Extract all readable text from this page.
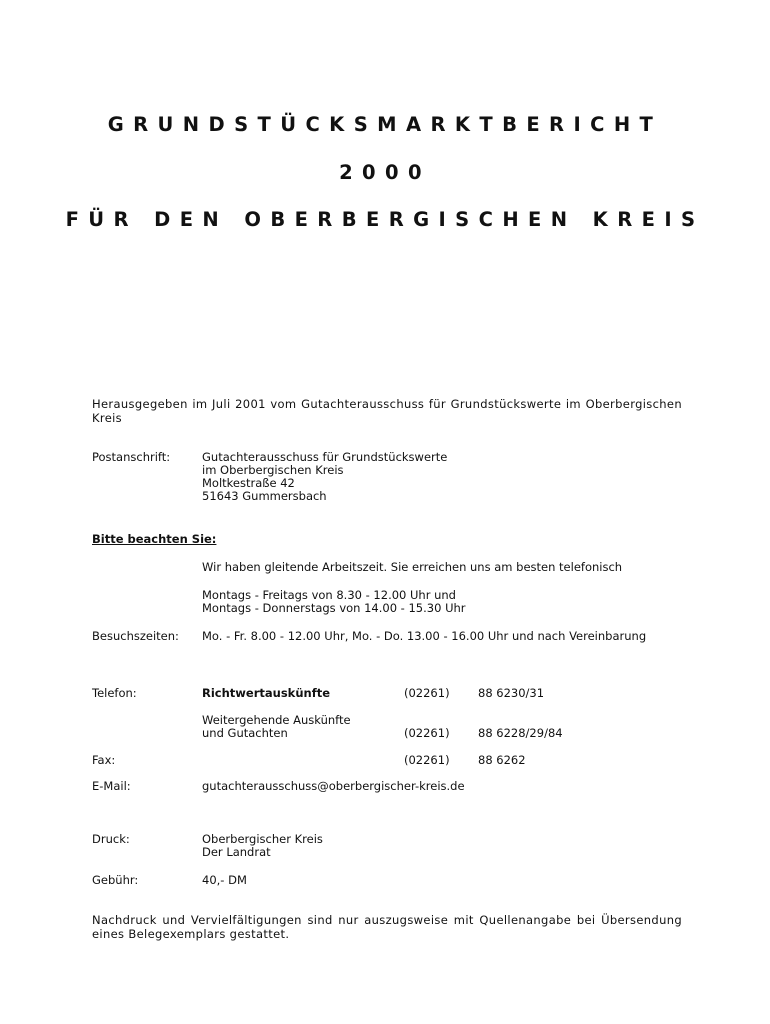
GRUNDSTÜCKSMARKTBERICHT
2000
FÜR DEN OBERBERGISCHEN KREIS
Herausgegeben im Juli 2001 vom Gutachterausschuss für Grundstückswerte im Oberbergischen Kreis
Postanschrift:	Gutachterausschuss für Grundstückswerte
im Oberbergischen Kreis
Moltkestraße 42
51643 Gummersbach
Bitte beachten Sie:
Wir haben gleitende Arbeitszeit. Sie erreichen uns am besten telefonisch
Montags - Freitags von 8.30 - 12.00 Uhr und
Montags - Donnerstags von 14.00 - 15.30 Uhr
Besuchszeiten: Mo. - Fr. 8.00 - 12.00 Uhr, Mo. - Do. 13.00 - 16.00 Uhr und nach Vereinbarung
Telefon:	Richtwertauskünfte	(02261) 88 6230/31
Weitergehende Auskünfte
und Gutachten	(02261) 88 6228/29/84
Fax:	(02261) 88 6262
E-Mail:	gutachterausschuss@oberbergischer-kreis.de
Druck:	Oberbergischer Kreis
Der Landrat
Gebühr:	40,- DM
Nachdruck und Vervielfältigungen sind nur auszugsweise mit Quellenangabe bei Übersendung eines Belegexemplars gestattet.
